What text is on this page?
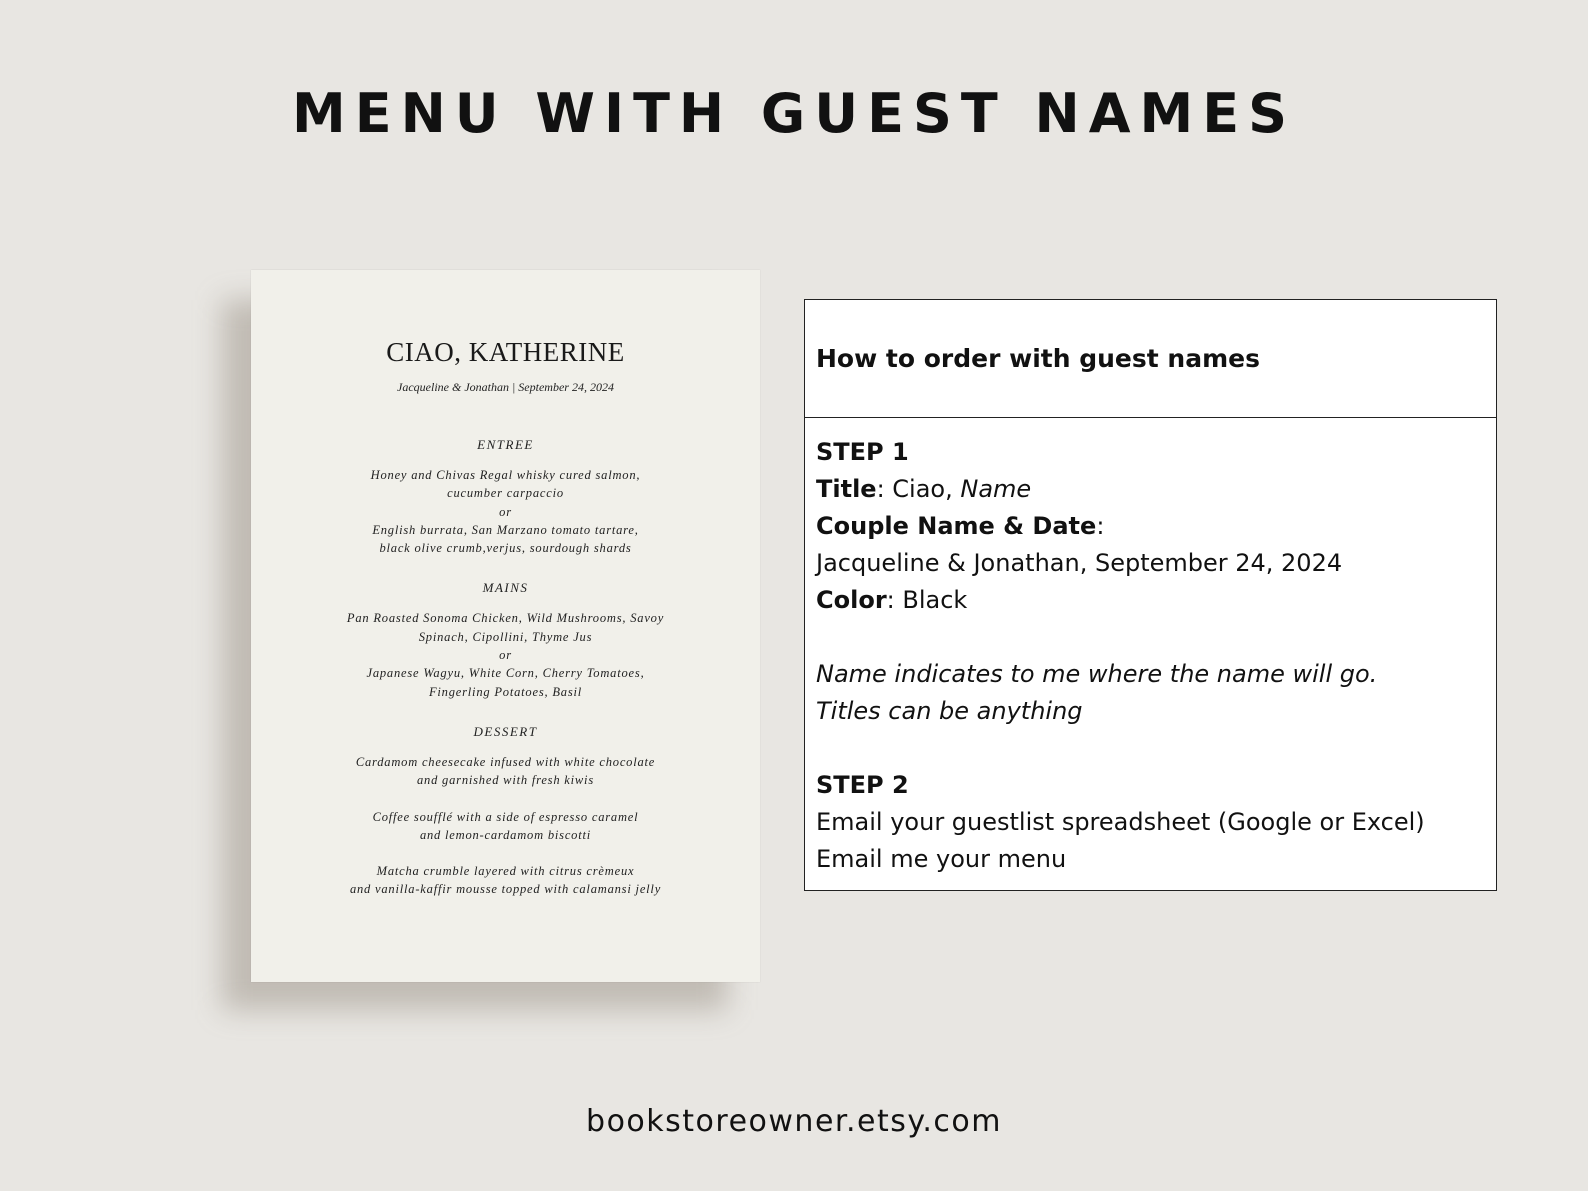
MENU WITH GUEST NAMES
CIAO, KATHERINE
Jacqueline & Jonathan | September 24, 2024
ENTREE
Honey and Chivas Regal whisky cured salmon,
cucumber carpaccio
or
English burrata, San Marzano tomato tartare,
black olive crumb,verjus, sourdough shards
MAINS
Pan Roasted Sonoma Chicken, Wild Mushrooms, Savoy
Spinach, Cipollini, Thyme Jus
or
Japanese Wagyu, White Corn, Cherry Tomatoes,
Fingerling Potatoes, Basil
DESSERT
Cardamom cheesecake infused with white chocolate
and garnished with fresh kiwis
Coffee soufflé with a side of espresso caramel
and lemon-cardamom biscotti
Matcha crumble layered with citrus crèmeux
and vanilla-kaffir mousse topped with calamansi jelly
How to order with guest names
STEP 1
Title: Ciao, Name
Couple Name & Date:
Jacqueline & Jonathan, September 24, 2024
Color: Black
Name indicates to me where the name will go.
Titles can be anything
STEP 2
Email your guestlist spreadsheet (Google or Excel)
Email me your menu
bookstoreowner.etsy.com
